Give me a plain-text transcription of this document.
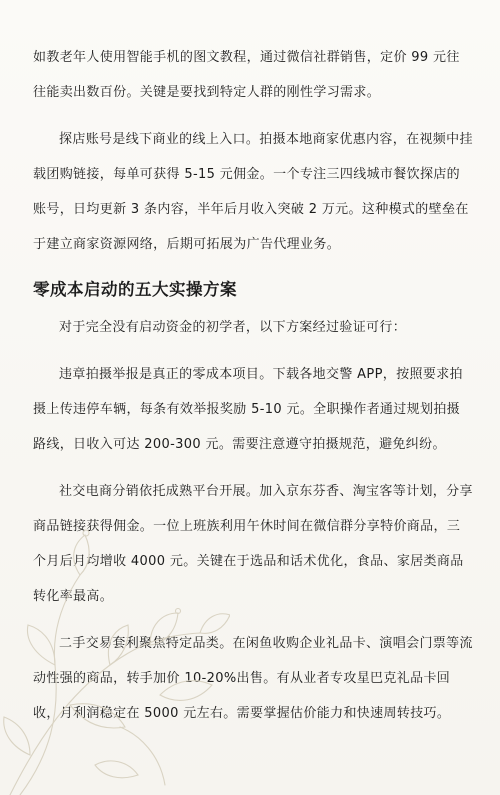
如教老年人使用智能手机的图文教程，通过微信社群销售，定价 99 元往往能卖出数百份。关键是要找到特定人群的刚性学习需求。

探店账号是线下商业的线上入口。拍摄本地商家优惠内容，在视频中挂载团购链接，每单可获得 5-15 元佣金。一个专注三四线城市餐饮探店的账号，日均更新 3 条内容，半年后月收入突破 2 万元。这种模式的壁垒在于建立商家资源网络，后期可拓展为广告代理业务。

零成本启动的五大实操方案

对于完全没有启动资金的初学者，以下方案经过验证可行：

违章拍摄举报是真正的零成本项目。下载各地交警 APP，按照要求拍摄上传违停车辆，每条有效举报奖励 5-10 元。全职操作者通过规划拍摄路线，日收入可达 200-300 元。需要注意遵守拍摄规范，避免纠纷。

社交电商分销依托成熟平台开展。加入京东芬香、淘宝客等计划，分享商品链接获得佣金。一位上班族利用午休时间在微信群分享特价商品，三个月后月均增收 4000 元。关键在于选品和话术优化，食品、家居类商品转化率最高。

二手交易套利聚焦特定品类。在闲鱼收购企业礼品卡、演唱会门票等流动性强的商品，转手加价 10-20%出售。有从业者专攻星巴克礼品卡回收，月利润稳定在 5000 元左右。需要掌握估价能力和快速周转技巧。
